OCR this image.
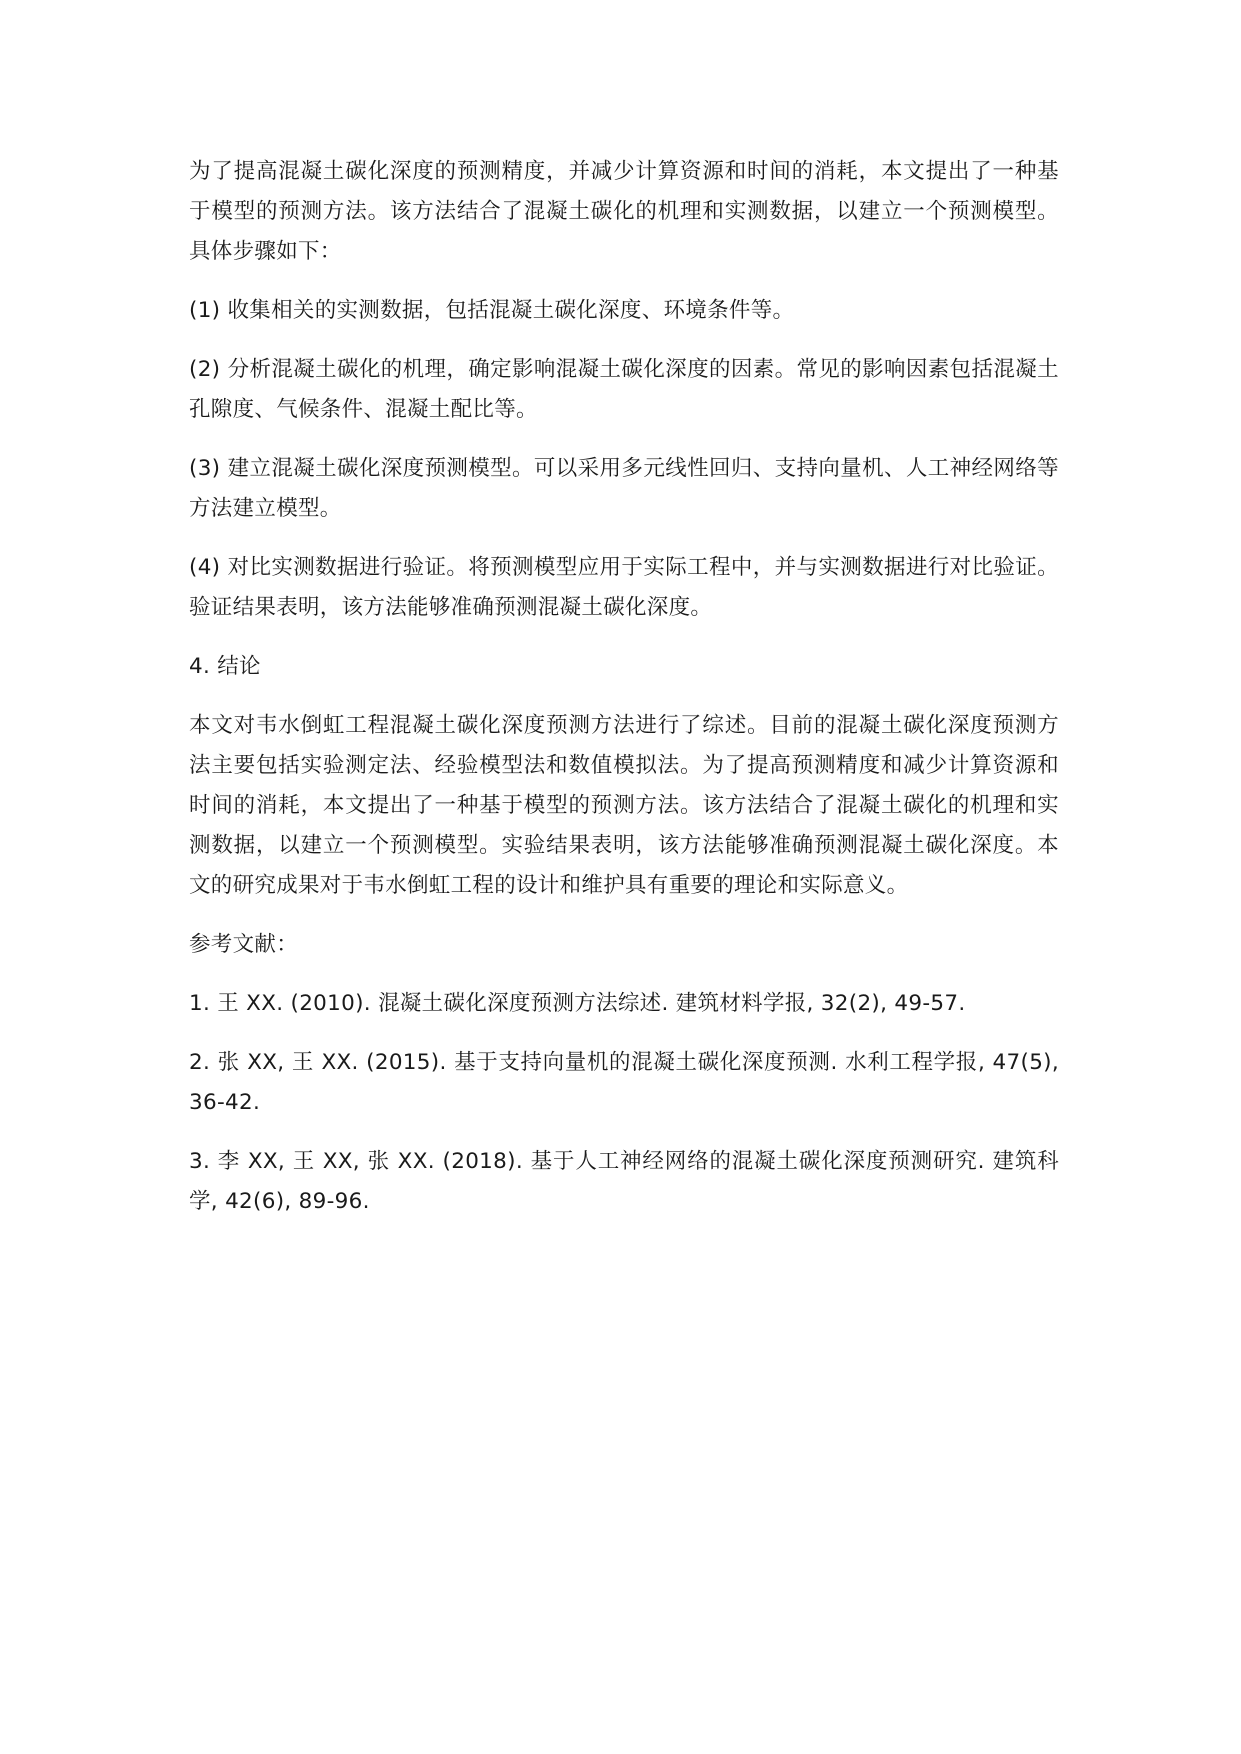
为了提高混凝土碳化深度的预测精度，并减少计算资源和时间的消耗，本文提出了一种基于模型的预测方法。该方法结合了混凝土碳化的机理和实测数据，以建立一个预测模型。具体步骤如下：

(1) 收集相关的实测数据，包括混凝土碳化深度、环境条件等。

(2) 分析混凝土碳化的机理，确定影响混凝土碳化深度的因素。常见的影响因素包括混凝土孔隙度、气候条件、混凝土配比等。

(3) 建立混凝土碳化深度预测模型。可以采用多元线性回归、支持向量机、人工神经网络等方法建立模型。

(4) 对比实测数据进行验证。将预测模型应用于实际工程中，并与实测数据进行对比验证。验证结果表明，该方法能够准确预测混凝土碳化深度。

4. 结论

本文对韦水倒虹工程混凝土碳化深度预测方法进行了综述。目前的混凝土碳化深度预测方法主要包括实验测定法、经验模型法和数值模拟法。为了提高预测精度和减少计算资源和时间的消耗，本文提出了一种基于模型的预测方法。该方法结合了混凝土碳化的机理和实测数据，以建立一个预测模型。实验结果表明，该方法能够准确预测混凝土碳化深度。本文的研究成果对于韦水倒虹工程的设计和维护具有重要的理论和实际意义。

参考文献：

1. 王 XX. (2010). 混凝土碳化深度预测方法综述. 建筑材料学报, 32(2), 49-57.

2. 张 XX, 王 XX. (2015). 基于支持向量机的混凝土碳化深度预测. 水利工程学报, 47(5), 36-42.

3. 李 XX, 王 XX, 张 XX. (2018). 基于人工神经网络的混凝土碳化深度预测研究. 建筑科学, 42(6), 89-96.
